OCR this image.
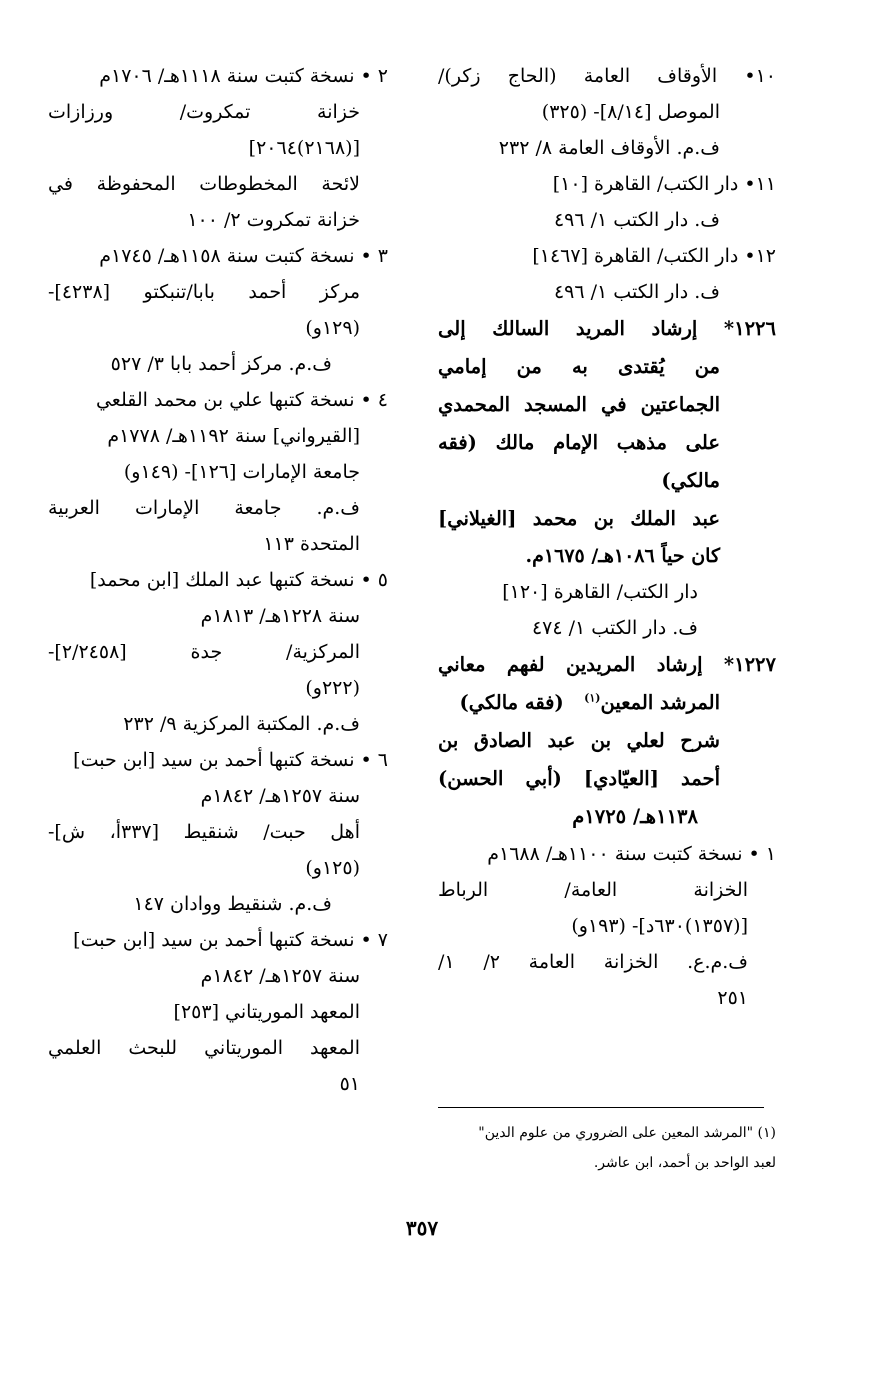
١٠• الأوقاف العامة (الحاج زكر)/
الموصل [٨/١٤]- (٣٢٥)
ف.م. الأوقاف العامة ٨/ ٢٣٢
١١• دار الكتب/ القاهرة [١٠]
ف. دار الكتب ١/ ٤٩٦
١٢• دار الكتب/ القاهرة [١٤٦٧]
ف. دار الكتب ١/ ٤٩٦
١٢٢٦* إرشاد المريد السالك إلى
من يُقتدى به من إمامي
الجماعتين في المسجد المحمدي
على مذهب الإمام مالك (فقه
مالكي)
عبد الملك بن محمد [الغيلاني]
كان حياً ١٠٨٦هـ/ ١٦٧٥م.
دار الكتب/ القاهرة [١٢٠]
ف. دار الكتب ١/ ٤٧٤
١٢٢٧* إرشاد المريدين لفهم معاني
المرشد المعين$^{(١)}$   (فقه مالكي)
شرح لعلي بن عبد الصادق بن
أحمد [العيّادي] (أبي الحسن)
١١٣٨هـ/ ١٧٢٥م
١ • نسخة كتبت سنة ١١٠٠هـ/ ١٦٨٨م
الخزانة العامة/ الرباط
[(١٣٥٧)٦٣٠د]- (١٩٣و)
ف.م.ع. الخزانة العامة ٢/ ١/
٢٥١
٢ • نسخة كتبت سنة ١١١٨هـ/ ١٧٠٦م
خزانة تمكروت/ ورزازات
[(٢١٦٨)٢٠٦٤]
لائحة المخطوطات المحفوظة في
خزانة تمكروت ٢/ ١٠٠
٣ • نسخة كتبت سنة ١١٥٨هـ/ ١٧٤٥م
مركز أحمد بابا/تنبكتو [٤٢٣٨]-
(١٢٩و)
ف.م. مركز أحمد بابا ٣/ ٥٢٧
٤ • نسخة كتبها علي بن محمد القلعي
[القيرواني] سنة ١١٩٢هـ/ ١٧٧٨م
جامعة الإمارات [١٢٦]- (١٤٩و)
ف.م. جامعة الإمارات العربية
المتحدة ١١٣
٥ • نسخة كتبها عبد الملك [ابن محمد]
سنة ١٢٢٨هـ/ ١٨١٣م
المركزية/ جدة [٢/٢٤٥٨]-
(٢٢٢و)
ف.م. المكتبة المركزية ٩/ ٢٣٢
٦ • نسخة كتبها أحمد بن سيد [ابن حبت]
سنة ١٢٥٧هـ/ ١٨٤٢م
أهل حبت/ شنقيط [٣٣٧أ، ش]-
(١٢٥و)
ف.م. شنقيط ووادان ١٤٧
٧ • نسخة كتبها أحمد بن سيد [ابن حبت]
سنة ١٢٥٧هـ/ ١٨٤٢م
المعهد الموريتاني [٢٥٣]
المعهد الموريتاني للبحث العلمي
٥١
(١) "المرشد المعين على الضروري من علوم الدين"
لعبد الواحد بن أحمد، ابن عاشر.
٣٥٧
